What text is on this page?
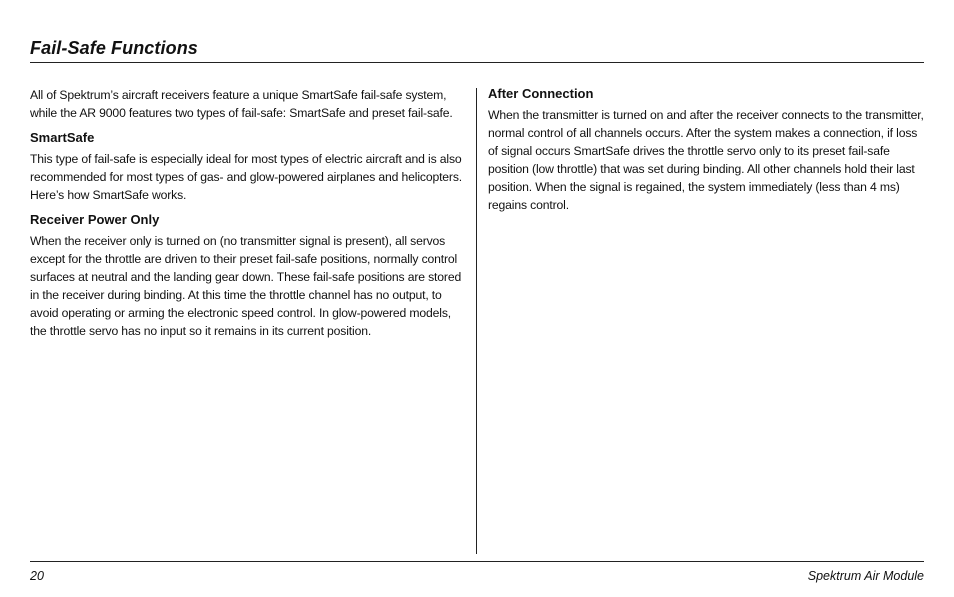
Fail-Safe Functions

All of Spektrum’s aircraft receivers feature a unique SmartSafe fail-safe system, while the AR 9000 features two types of fail-safe: SmartSafe and preset fail-safe.

SmartSafe

This type of fail-safe is especially ideal for most types of electric aircraft and is also recommended for most types of gas- and glow-powered airplanes and helicopters. Here’s how SmartSafe works.

Receiver Power Only

When the receiver only is turned on (no transmitter signal is present), all servos except for the throttle are driven to their preset fail-safe positions, normally control surfaces at neutral and the landing gear down. These fail-safe positions are stored in the receiver during binding. At this time the throttle channel has no output, to avoid operating or arming the electronic speed control. In glow-powered models, the throttle servo has no input so it remains in its current position.

After Connection

When the transmitter is turned on and after the receiver connects to the transmitter, normal control of all channels occurs. After the system makes a connection, if loss of signal occurs SmartSafe drives the throttle servo only to its preset fail-safe position (low throttle) that was set during binding. All other channels hold their last position. When the signal is regained, the system immediately (less than 4 ms) regains control.

20	Spektrum Air Module
